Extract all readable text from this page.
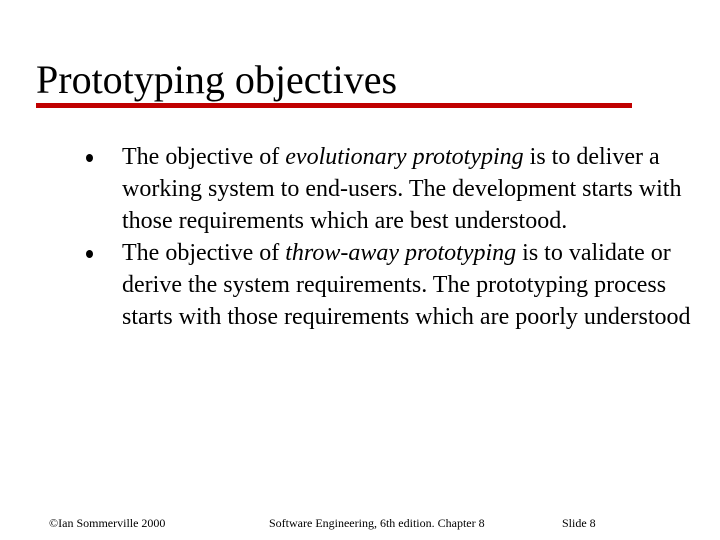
Prototyping objectives
The objective of evolutionary prototyping is to deliver a working system to end-users. The development starts with those requirements which are best understood.
The objective of throw-away prototyping is to validate or derive the system requirements. The prototyping process starts with those requirements which are poorly understood
©Ian Sommerville 2000	Software Engineering, 6th edition. Chapter 8	Slide 8
